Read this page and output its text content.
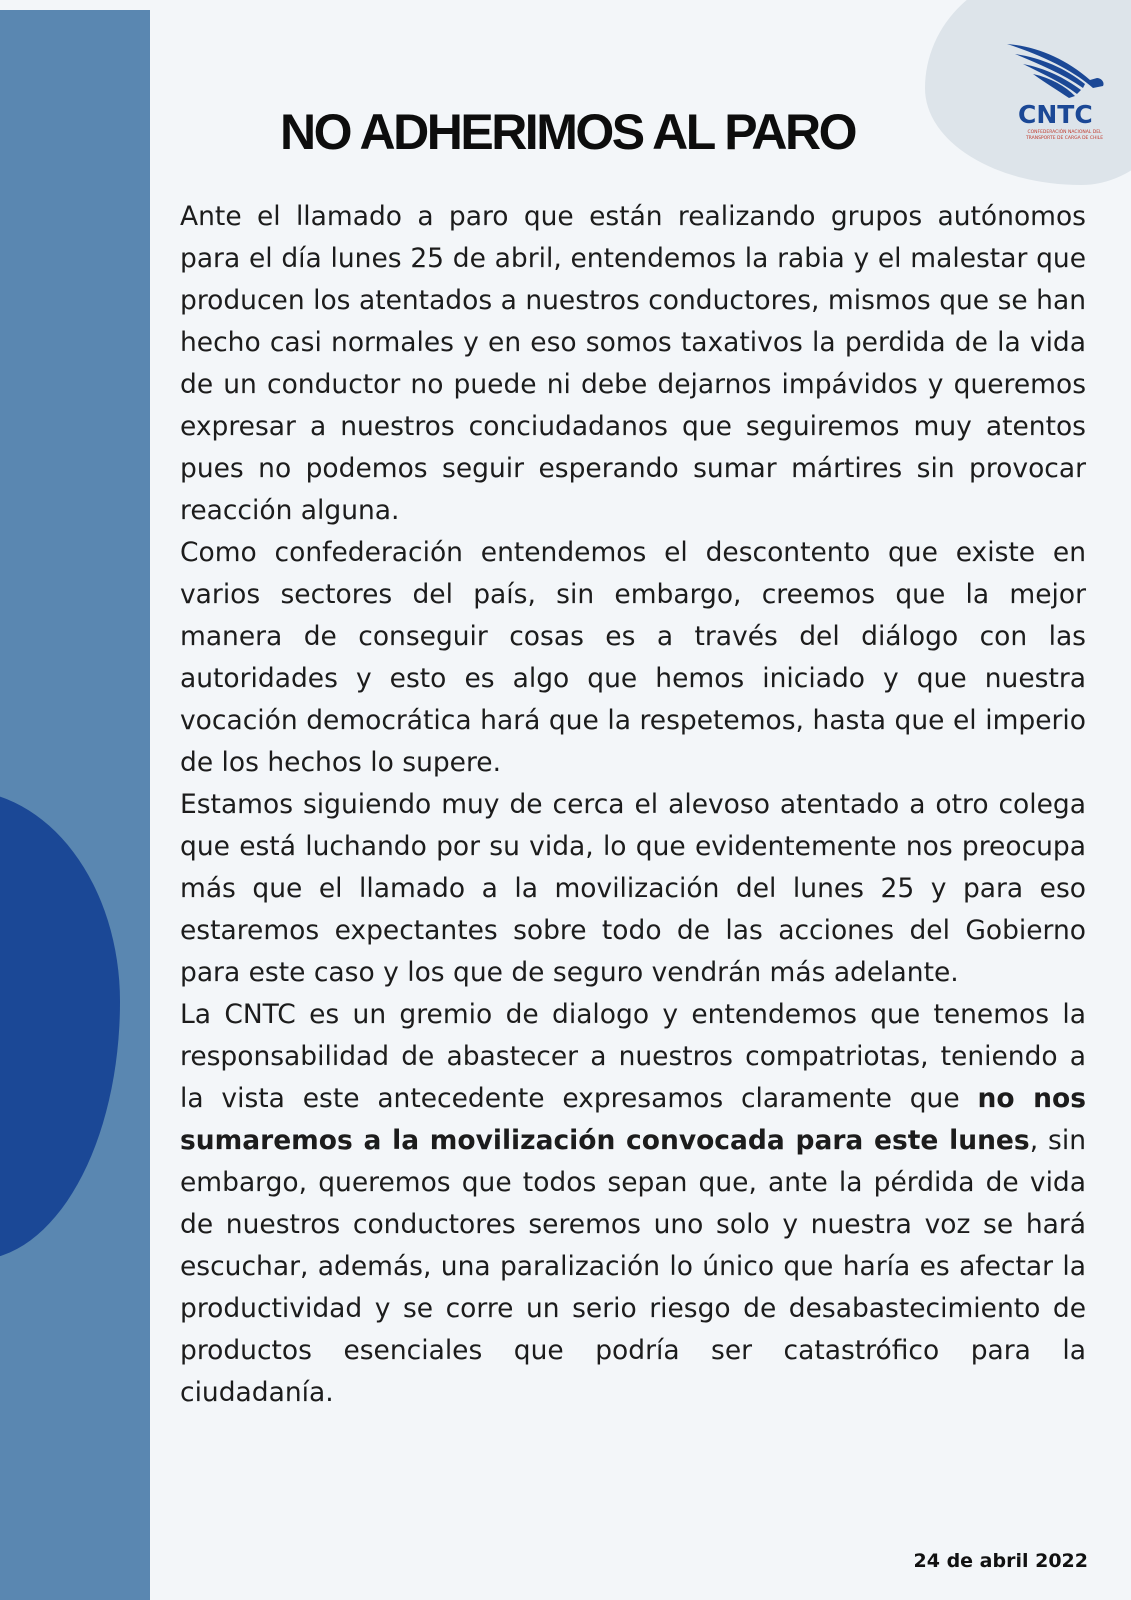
CNTC
CONFEDERACIÓN NACIONAL DEL TRANSPORTE DE CARGA DE CHILE
NO ADHERIMOS AL PARO

Ante el llamado a paro que están realizando grupos autónomos para el día lunes 25 de abril, entendemos la rabia y el malestar que producen los atentados a nuestros conductores, mismos que se han hecho casi normales y en eso somos taxativos la perdida de la vida de un conductor no puede ni debe dejarnos impávidos y queremos expresar a nuestros conciudadanos que seguiremos muy atentos pues no podemos seguir esperando sumar mártires sin provocar reacción alguna.

Como confederación entendemos el descontento que existe en varios sectores del país, sin embargo, creemos que la mejor manera de conseguir cosas es a través del diálogo con las autoridades y esto es algo que hemos iniciado y que nuestra vocación democrática hará que la respetemos, hasta que el imperio de los hechos lo supere.

Estamos siguiendo muy de cerca el alevoso atentado a otro colega que está luchando por su vida, lo que evidentemente nos preocupa más que el llamado a la movilización del lunes 25 y para eso estaremos expectantes sobre todo de las acciones del Gobierno para este caso y los que de seguro vendrán más adelante.

La CNTC es un gremio de dialogo y entendemos que tenemos la responsabilidad de abastecer a nuestros compatriotas, teniendo a la vista este antecedente expresamos claramente que no nos sumaremos a la movilización convocada para este lunes, sin embargo, queremos que todos sepan que, ante la pérdida de vida de nuestros conductores seremos uno solo y nuestra voz se hará escuchar, además, una paralización lo único que haría es afectar la productividad y se corre un serio riesgo de desabastecimiento de productos esenciales que podría ser catastrófico para la ciudadanía.

24 de abril 2022
